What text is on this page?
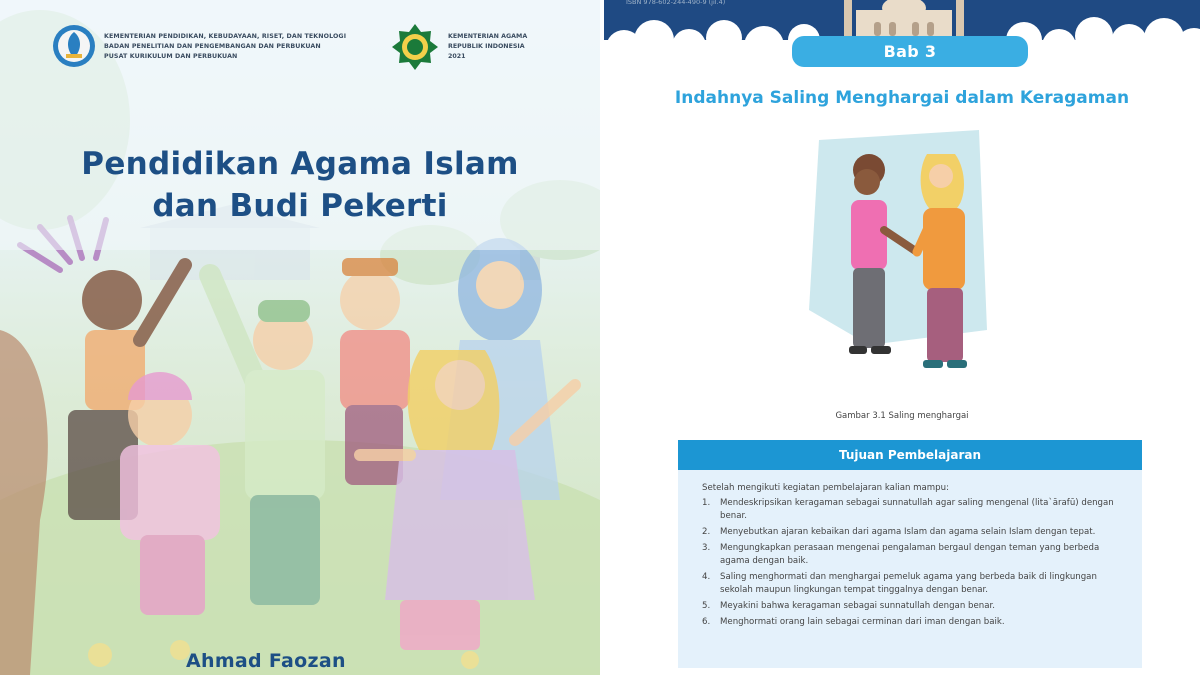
KEMENTERIAN PENDIDIKAN, KEBUDAYAAN, RISET, DAN TEKNOLOGI
BADAN PENELITIAN DAN PENGEMBANGAN DAN PERBUKUAN
PUSAT KURIKULUM DAN PERBUKUAN
KEMENTERIAN AGAMA
REPUBLIK INDONESIA
2021
Pendidikan Agama Islam
dan Budi Pekerti
Ahmad Faozan
ISBN 978-602-244-490-9 (jil.4)
Bab 3
Indahnya Saling Menghargai dalam Keragaman
Gambar 3.1 Saling menghargai
Tujuan Pembelajaran
Setelah mengikuti kegiatan pembelajaran kalian mampu:
1. Mendeskripsikan keragaman sebagai sunnatullah agar saling mengenal (lita`ārafū) dengan benar.
2. Menyebutkan ajaran kebaikan dari agama Islam dan agama selain Islam dengan tepat.
3. Mengungkapkan perasaan mengenai pengalaman bergaul dengan teman yang berbeda agama dengan baik.
4. Saling menghormati dan menghargai pemeluk agama yang berbeda baik di lingkungan sekolah maupun lingkungan tempat tinggalnya dengan benar.
5. Meyakini bahwa keragaman sebagai sunnatullah dengan benar.
6. Menghormati orang lain sebagai cerminan dari iman dengan baik.
